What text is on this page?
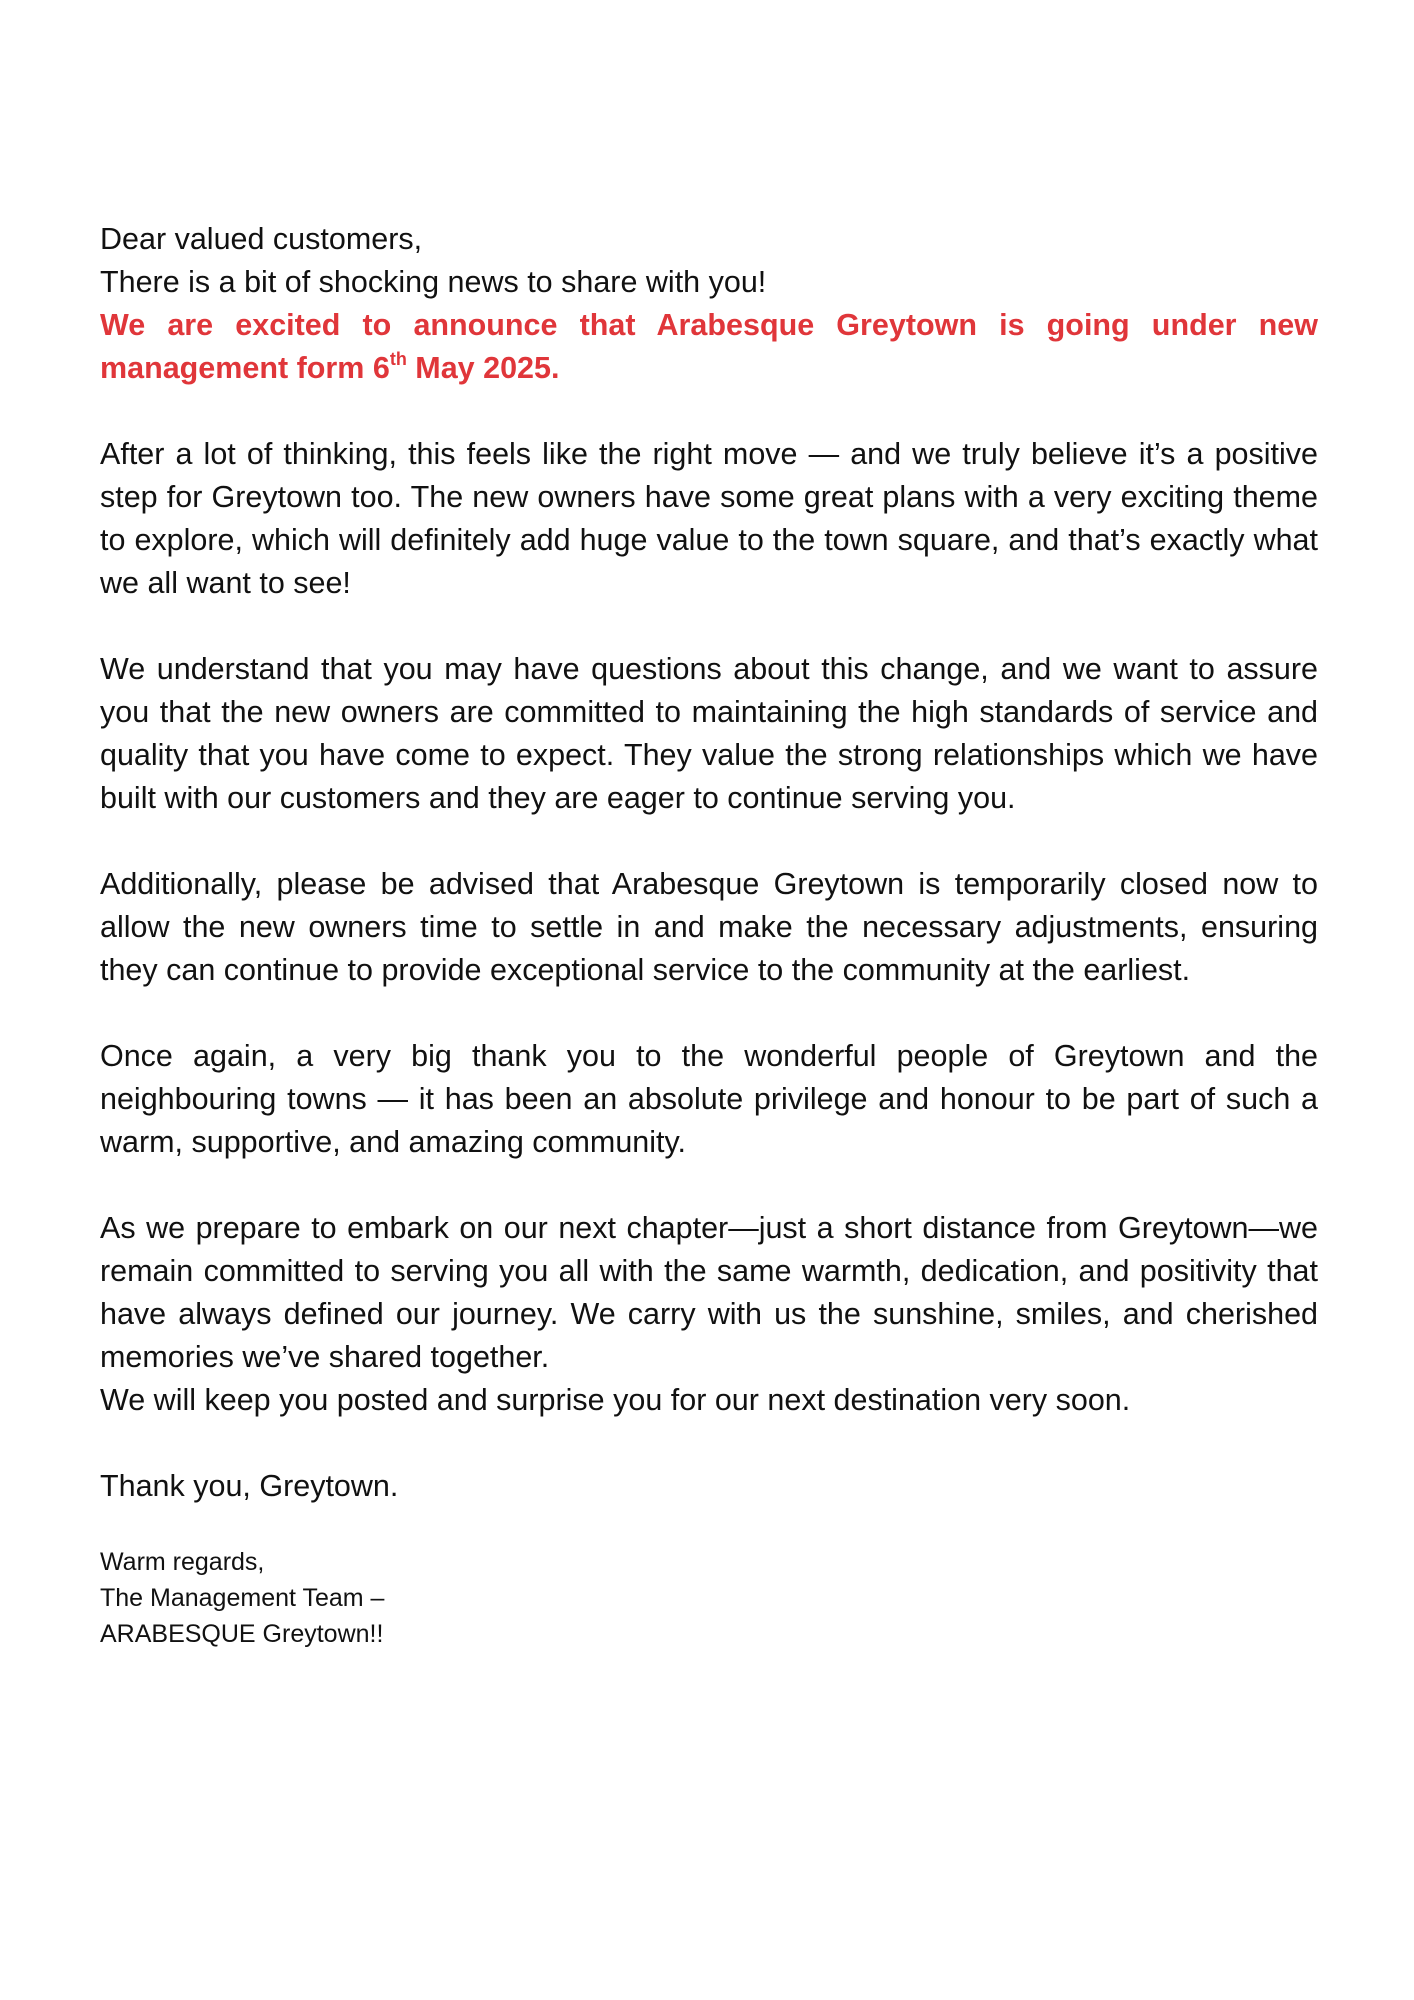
Dear valued customers,

There is a bit of shocking news to share with you!

We are excited to announce that Arabesque Greytown is going under new management form 6th May 2025.

After a lot of thinking, this feels like the right move — and we truly believe it’s a positive step for Greytown too. The new owners have some great plans with a very exciting theme to explore, which will definitely add huge value to the town square, and that’s exactly what we all want to see!

We understand that you may have questions about this change, and we want to assure you that the new owners are committed to maintaining the high standards of service and quality that you have come to expect. They value the strong relationships which we have built with our customers and they are eager to continue serving you.

Additionally, please be advised that Arabesque Greytown is temporarily closed now to allow the new owners time to settle in and make the necessary adjustments, ensuring they can continue to provide exceptional service to the community at the earliest.

Once again, a very big thank you to the wonderful people of Greytown and the neighbouring towns — it has been an absolute privilege and honour to be part of such a warm, supportive, and amazing community.

As we prepare to embark on our next chapter—just a short distance from Greytown—we remain committed to serving you all with the same warmth, dedication, and positivity that have always defined our journey. We carry with us the sunshine, smiles, and cherished memories we’ve shared together.

We will keep you posted and surprise you for our next destination very soon.

Thank you, Greytown.

Warm regards,

The Management Team –

ARABESQUE Greytown!!
